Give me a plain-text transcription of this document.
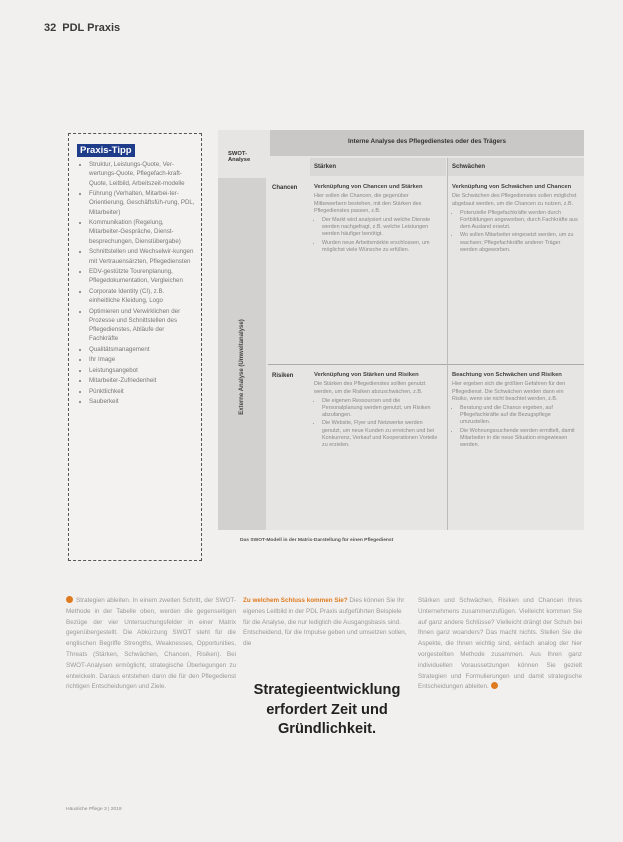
32 PDL Praxis
Praxis-Tipp
• Struktur, Leistungs-Quote, Ver-wertungs-Quote, Pflegefach-kraft-Quote, Leitbild, Arbeitszeit-modelle
• Führung (Verhalten, Mitarbei-ter-Orientierung, Geschäftsfüh-rung, PDL, Mitarbeiter)
• Kommunikation (Regelung, Mitarbeiter-Gespräche, Dienst-besprechungen, Dienstübergabe)
• Schnittstellen und Wechselwir-kungen mit Vertrauensärzten, Pflegediensten
• EDV-gestützte Tourenplanung, Pflegedokumentation, Vergleichen
• Corporate Identity (CI), z.B. einheitliche Kleidung, Logo
• Optimieren und Verwirklichen der Prozesse und Schnittstellen des Pflegedienstes, Abläufe der Fachkräfte
• Qualitätsmanagement
• Ihr Image
• Leistungsangebot
• Mitarbeiter-Zufriedenheit
• Pünktlichkeit
• Sauberkeit
SWOT-Analyse
Interne Analyse des Pflegedienstes oder des Trägers
Stärken	Schwächen
Externe Analyse (Umweltanalyse)
Chancen
Risiken
Verknüpfung von Chancen und Stärken
Hier sollen die Chancen, die gegenüber Mitbewerbern bestehen, mit den Stärken des Pflegedienstes passen, z.B.
• Der Markt wird analysiert und welche Dienste werden nachgefragt, z.B. welche Leistungen werden häufiger benötigt.
• Wurden neue Arbeitsmärkte erschlossen, um möglichst viele Wünsche zu erfüllen.
Verknüpfung von Schwächen und Chancen
Die Schwächen des Pflegedienstes sollen möglichst abgebaut werden, um die Chancen zu nutzen, z.B.
• Potenzielle Pflegefachkräfte werden durch Fortbildungen angeworben, durch Fachkräfte aus dem Ausland ersetzt.
• Wo sollen Mitarbeiter eingesetzt werden, um zu wachsen; Pflegefachkräfte anderer Träger werden abgeworben.
Verknüpfung von Stärken und Risiken
Die Stärken des Pflegedienstes sollten genutzt werden, um die Risiken abzuschwächen, z.B.
• Die eigenen Ressourcen und die Personalplanung werden genutzt, um Risiken abzufangen.
• Die Website, Flyer und Netzwerke werden genutzt, um neue Kunden zu erreichen und bei Konkurrenz, Verkauf und Kooperationen Vorteile zu erzielen.
Beachtung von Schwächen und Risiken
Hier ergeben sich die größten Gefahren für den Pflegedienst. Die Schwächen werden dann ein Risiko, wenn sie nicht beachtet werden, z.B.
• Beratung und die Chance ergeben, auf Pflegefachkräfte auf die Bezugspflege umzustellen.
• Die Wohnungssuchende werden ermittelt, damit Mitarbeiter in die neue Situation eingewiesen werden.
Das SWOT-Modell in der Matrix-Darstellung für einen Pflegedienst
Strategien ableiten. In einem zweiten Schritt, der SWOT-Methode in der Tabelle oben, werden die gegenseitigen Bezüge der vier Untersuchungsfelder in einer Matrix gegenübergestellt. Die Abkürzung SWOT steht für die englischen Begriffe Strengths, Weaknesses, Opportunities, Threats (Stärken, Schwächen, Chancen, Risiken). Bei SWOT-Analysen ermöglicht, strategische Überlegungen zu entwickeln. Daraus entstehen dann die für den Pflegedienst richtigen Entscheidungen und Ziele.
Zu welchem Schluss kommen Sie? Dies können Sie Ihr eigenes Leitbild in der PDL Praxis aufgeführten Beispiele für die Analyse, die nur lediglich die Ausgangsbasis sind. Entscheidend, für die Impulse geben und umsetzen sollen, die
Strategieentwicklung erfordert Zeit und Gründlichkeit.
Stärken und Schwächen, Risiken und Chancen Ihres Unternehmens zusammenzufügen. Vielleicht kommen Sie auf ganz andere Schlüsse? Vielleicht drängt der Schuh bei Ihnen ganz woanders? Das macht nichts. Stellen Sie die Aspekte, die Ihnen wichtig sind, einfach analog der hier vorgestellten Methode zusammen. Aus Ihren ganz individuellen Voraussetzungen können Sie gezielt Strategien und Formulierungen und damit strategische Entscheidungen ableiten.
Häusliche Pflege 3 | 2019
